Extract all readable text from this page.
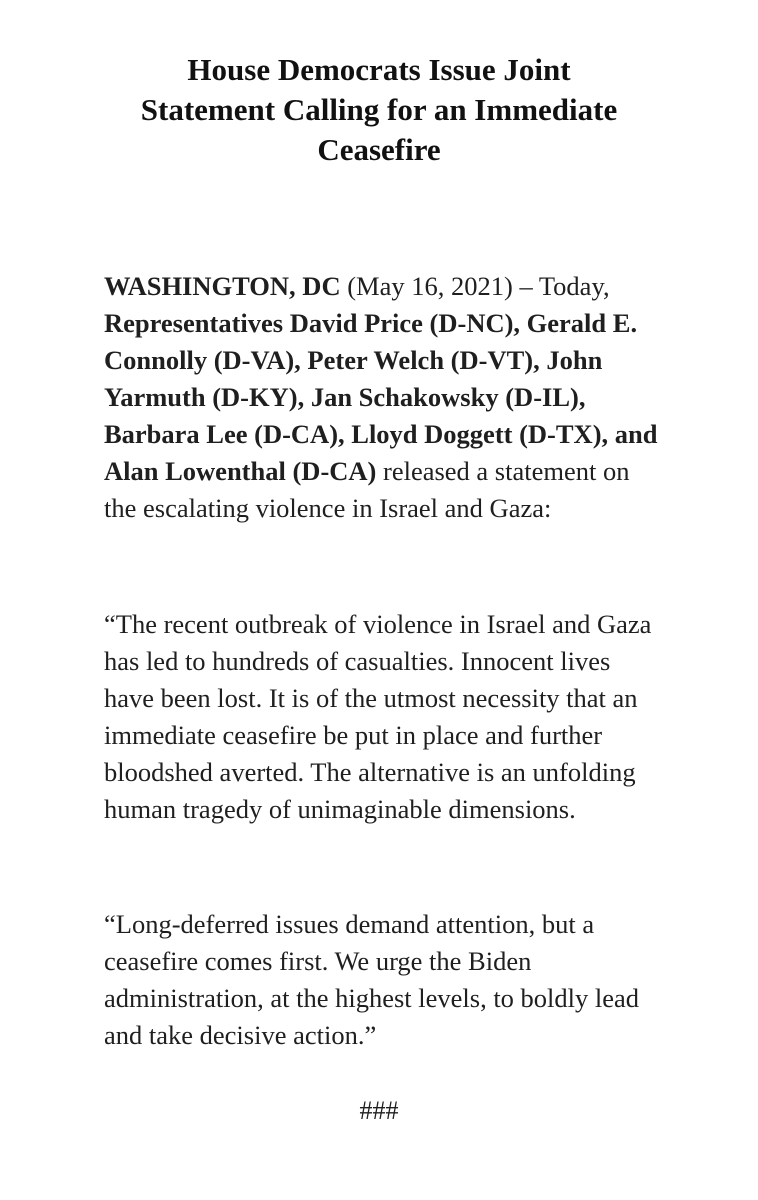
House Democrats Issue Joint
Statement Calling for an Immediate
Ceasefire

WASHINGTON, DC (May 16, 2021) – Today, Representatives David Price (D-NC), Gerald E. Connolly (D-VA), Peter Welch (D-VT), John Yarmuth (D-KY), Jan Schakowsky (D-IL), Barbara Lee (D-CA), Lloyd Doggett (D-TX), and Alan Lowenthal (D-CA) released a statement on the escalating violence in Israel and Gaza:

“The recent outbreak of violence in Israel and Gaza has led to hundreds of casualties. Innocent lives have been lost. It is of the utmost necessity that an immediate ceasefire be put in place and further bloodshed averted. The alternative is an unfolding human tragedy of unimaginable dimensions.

“Long-deferred issues demand attention, but a ceasefire comes first. We urge the Biden administration, at the highest levels, to boldly lead and take decisive action.”

###
